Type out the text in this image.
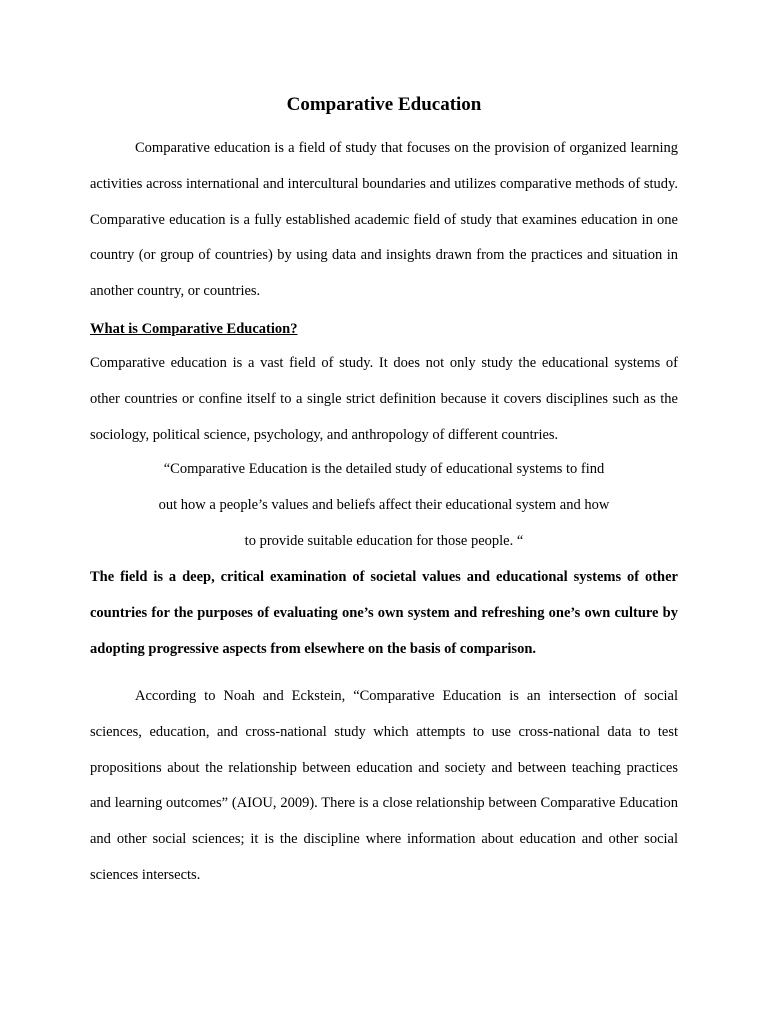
Comparative Education

Comparative education is a field of study that focuses on the provision of organized learning activities across international and intercultural boundaries and utilizes comparative methods of study. Comparative education is a fully established academic field of study that examines education in one country (or group of countries) by using data and insights drawn from the practices and situation in another country, or countries.

What is Comparative Education?

Comparative education is a vast field of study. It does not only study the educational systems of other countries or confine itself to a single strict definition because it covers disciplines such as the sociology, political science, psychology, and anthropology of different countries.

“Comparative Education is the detailed study of educational systems to find
out how a people’s values and beliefs affect their educational system and how
to provide suitable education for those people. “

The field is a deep, critical examination of societal values and educational systems of other countries for the purposes of evaluating one’s own system and refreshing one’s own culture by adopting progressive aspects from elsewhere on the basis of comparison.

According to Noah and Eckstein, “Comparative Education is an intersection of social sciences, education, and cross-national study which attempts to use cross-national data to test propositions about the relationship between education and society and between teaching practices and learning outcomes” (AIOU, 2009). There is a close relationship between Comparative Education and other social sciences; it is the discipline where information about education and other social sciences intersects.
